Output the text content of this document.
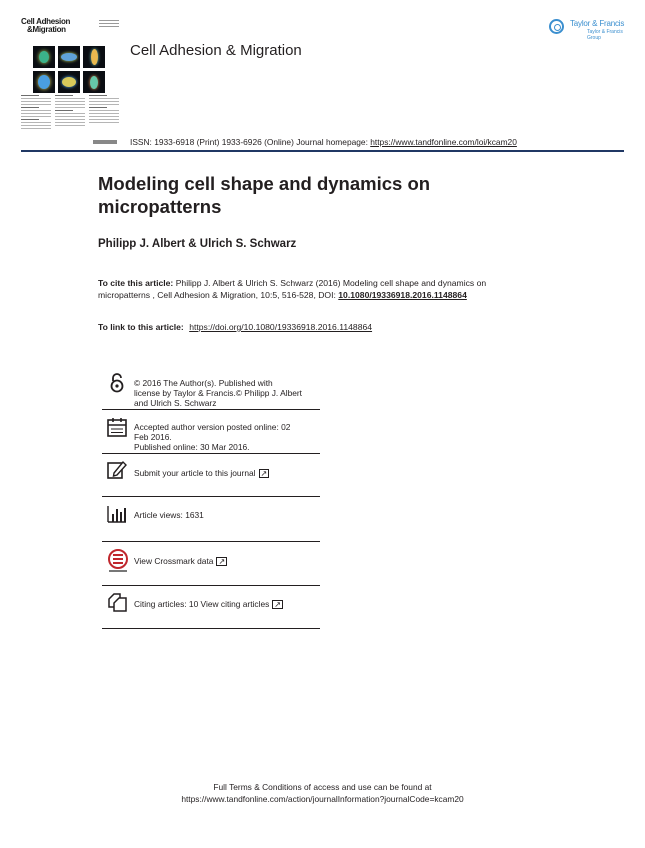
Cell Adhesion
&Migration
Cell Adhesion & Migration
Taylor & Francis
Taylor & Francis Group
ISSN: 1933-6918 (Print) 1933-6926 (Online) Journal homepage: https://www.tandfonline.com/loi/kcam20
Modeling cell shape and dynamics on micropatterns
Philipp J. Albert & Ulrich S. Schwarz
To cite this article: Philipp J. Albert & Ulrich S. Schwarz (2016) Modeling cell shape and dynamics on micropatterns , Cell Adhesion & Migration, 10:5, 516-528, DOI: 10.1080/19336918.2016.1148864
To link to this article: https://doi.org/10.1080/19336918.2016.1148864
© 2016 The Author(s). Published with
license by Taylor & Francis.© Philipp J. Albert
and Ulrich S. Schwarz
Accepted author version posted online: 02
Feb 2016.
Published online: 30 Mar 2016.
Submit your article to this journal ↗
Article views: 1631
View Crossmark data ↗
Citing articles: 10 View citing articles ↗
Full Terms & Conditions of access and use can be found at
https://www.tandfonline.com/action/journalInformation?journalCode=kcam20
